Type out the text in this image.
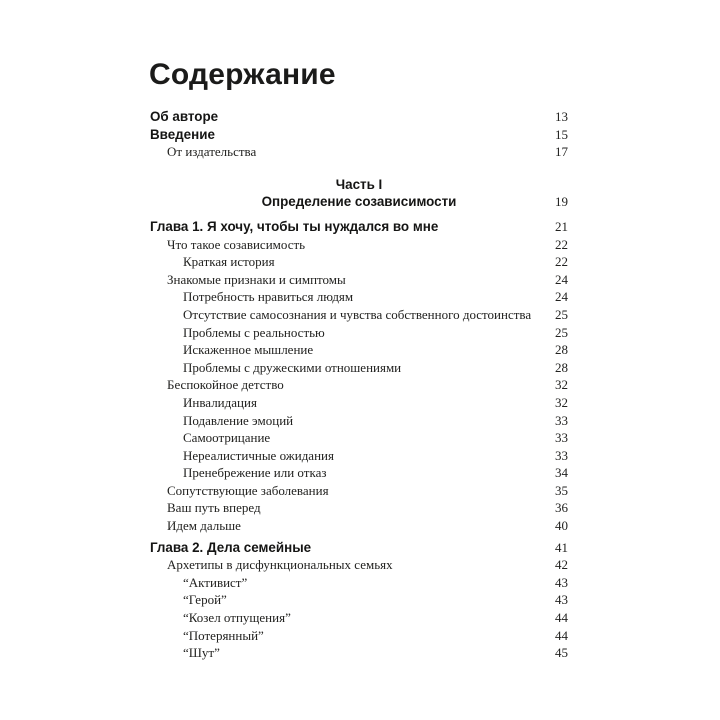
Содержание
Об авторе	13
Введение	15
От издательства	17
Часть I
Определение созависимости	19
Глава 1. Я хочу, чтобы ты нуждался во мне	21
Что такое созависимость	22
Краткая история	22
Знакомые признаки и симптомы	24
Потребность нравиться людям	24
Отсутствие самосознания и чувства собственного достоинства 25
Проблемы с реальностью	25
Искаженное мышление	28
Проблемы с дружескими отношениями	28
Беспокойное детство	32
Инвалидация	32
Подавление эмоций	33
Самоотрицание	33
Нереалистичные ожидания	33
Пренебрежение или отказ	34
Сопутствующие заболевания	35
Ваш путь вперед	36
Идем дальше	40
Глава 2. Дела семейные	41
Архетипы в дисфункциональных семьях	42
“Активист”	43
“Герой”	43
“Козел отпущения”	44
“Потерянный”	44
“Шут”	45
